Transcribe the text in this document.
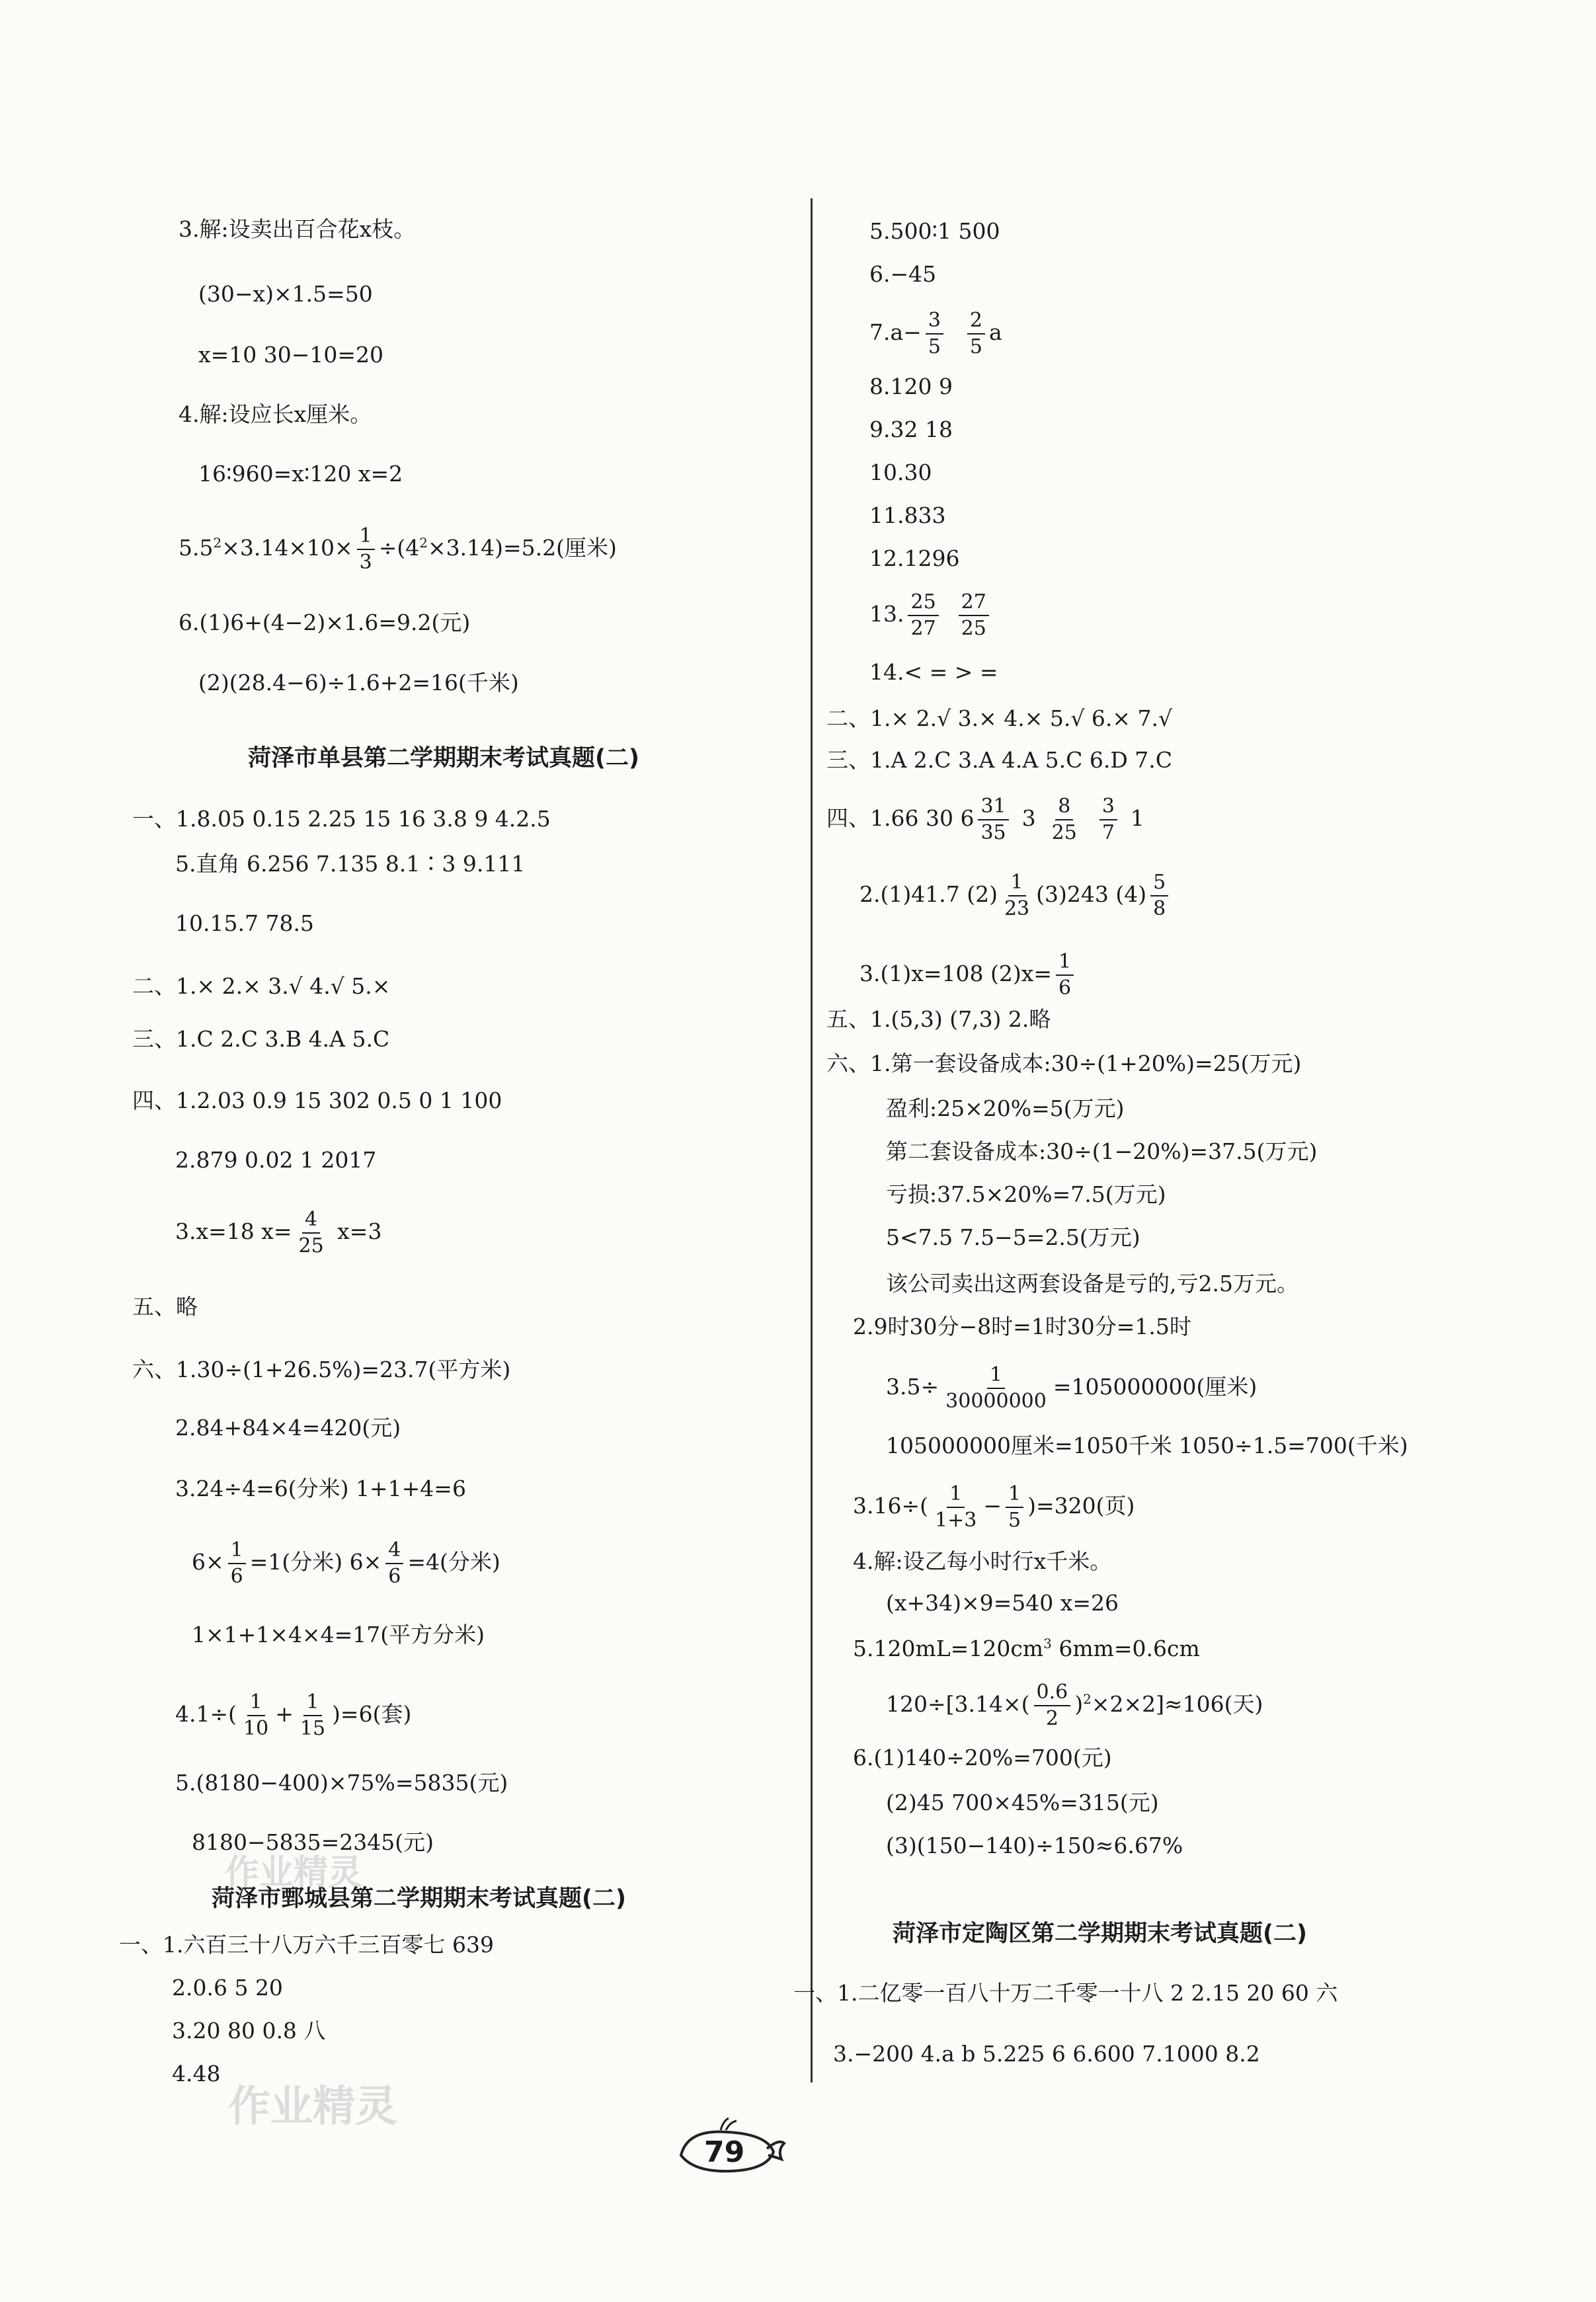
3.解:设卖出百合花x枝。
(30−x)×1.5=50
x=10 30−10=20
4.解:设应长x厘米。
16∶960=x∶120 x=2
$5.5^2\times 3.14\times 10\times \frac{1}{3} \div(4^2\times 3.14)=5.2$(厘米)
6.(1)6+(4−2)×1.6=9.2(元)
(2)(28.4−6)÷1.6+2=16(千米)
菏泽市单县第二学期期末考试真题(二)
一、1.8.05 0.15 2.25 15 16 3.8 9 4.2.5
5.直角 6.256 7.135 8.1∶3 9.111
10.15.7 78.5
二、1.× 2.× 3.√ 4.√ 5.×
三、1.C 2.C 3.B 4.A 5.C
四、1.2.03 0.9 15 302 0.5 0 1 100
2.879 0.02 1 2017
3.x=18 $x= \frac{4}{25} x=3$
五、略
六、1.30÷(1+26.5%)=23.7(平方米)
2.84+84×4=420(元)
3.24÷4=6(分米) 1+1+4=6
$6\times \frac{1}{6} =1$(分米) $6\times \frac{4}{6} =4$(分米)
1×1+1×4×4=17(平方分米)
$4.1\div( \frac{1}{10} + \frac{1}{15} )=6$(套)
5.(8180−400)×75%=5835(元)
8180−5835=2345(元)
菏泽市鄄城县第二学期期末考试真题(二)
一、1.六百三十八万六千三百零七 639
2.0.6 5 20
3.20 80 0.8 八
4.48
5.500∶1 500
6.−45
$7.a- \frac{3}{5} \frac{2}{5}$ a
8.120 9
9.32 18
10.30
11.833
12.1296
13. $\frac{25}{27} \frac{27}{25}$
14.< = > =
二、1.× 2.√ 3.× 4.× 5.√ 6.× 7.√
三、1.A 2.C 3.A 4.A 5.C 6.D 7.C
四、1.66 30 $6 \frac{31}{35} 3 \frac{8}{25} \frac{3}{7} 1$
2.(1)41.7 $(2) \frac{1}{23} (3)243$ $(4) \frac{5}{8}$
3.(1)x=108 $(2)x= \frac{1}{6}$
五、1.(5,3) (7,3) 2.略
六、1.第一套设备成本:30÷(1+20%)=25(万元)
盈利:25×20%=5(万元)
第二套设备成本:30÷(1−20%)=37.5(万元)
亏损:37.5×20%=7.5(万元)
5<7.5 7.5−5=2.5(万元)
该公司卖出这两套设备是亏的,亏2.5万元。
2.9时30分−8时=1时30分=1.5时
$3.5\div \frac{1}{30000000} =105000000$(厘米)
105000000厘米=1050千米 1050÷1.5=700(千米)
$3.16\div( \frac{1}{1+3} - \frac{1}{5} )=320$(页)
4.解:设乙每小时行x千米。
(x+34)×9=540 x=26
$5.120mL=120cm^3$ 6mm=0.6cm
$120\div[3.14\times( \frac{0.6}{2} )^2\times 2\times 2]\approx 106$(天)
6.(1)140÷20%=700(元)
(2)45 700×45%=315(元)
(3)(150−140)÷150≈6.67%
菏泽市定陶区第二学期期末考试真题(二)
一、1.二亿零一百八十万二千零一十八 2 2.15 20 60 六
3.−200 4.a b 5.225 6 6.600 7.1000 8.2
作业精灵
作业精灵
79
